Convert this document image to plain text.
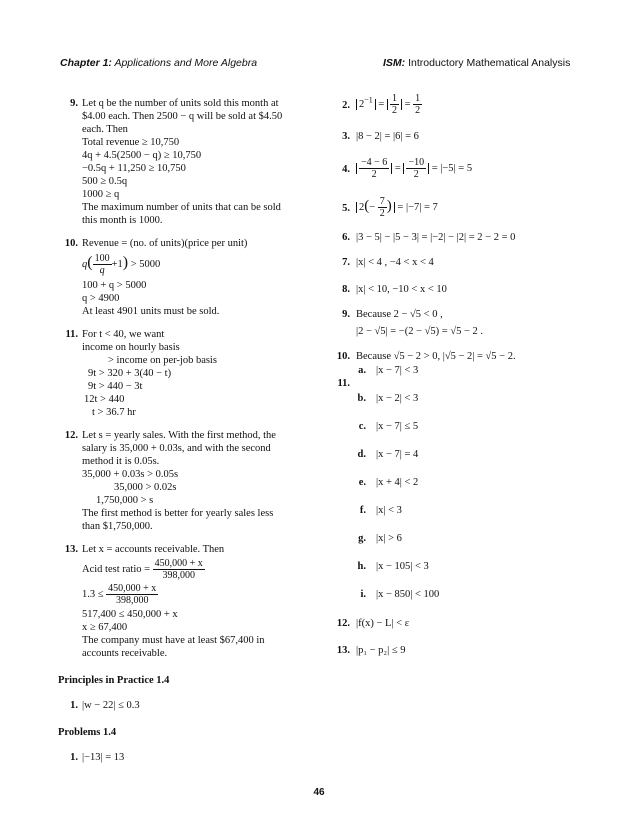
Chapter 1: Applications and More Algebra	ISM: Introductory Mathematical Analysis
9. Let q be the number of units sold this month at
$4.00 each. Then 2500 − q will be sold at $4.50
each. Then
Total revenue ≥ 10,750
4q + 4.5(2500 − q) ≥ 10,750
−0.5q + 11,250 ≥ 10,750
500 ≥ 0.5q
1000 ≥ q
The maximum number of units that can be sold
this month is 1000.
10. Revenue = (no. of units)(price per unit)
$q( \frac{100}{q} +1) > 5000$
100 + q > 5000
q > 4900
At least 4901 units must be sold.
11. For t < 40, we want
income on hourly basis
> income on per-job basis
9t > 320 + 3(40 − t)
9t > 440 − 3t
12t > 440
t > 36.7 hr
12. Let s = yearly sales. With the first method, the
salary is 35,000 + 0.03s, and with the second
method it is 0.05s.
35,000 + 0.03s > 0.05s
35,000 > 0.02s
1,750,000 > s
The first method is better for yearly sales less
than $1,750,000.
13. Let x = accounts receivable. Then
Acid test ratio = $\frac{450,000 + x}{398,000}$
$1.3 \le \frac{450,000 + x}{398,000}$
517,400 ≤ 450,000 + x
x ≥ 67,400
The company must have at least $67,400 in
accounts receivable.
Principles in Practice 1.4
1. |w − 22| ≤ 0.3
Problems 1.4
1. |−13| = 13
2. $2^{-1} = \frac{1}{2} = \frac{1}{2}$
3. |8 − 2| = |6| = 6
4. $\frac{-4 - 6}{2} = \frac{-10}{2} = |-5| = 5$
5. $2(- \frac{7}{2}$ ) = |−7| = 7
6. |3 − 5| − |5 − 3| = |−2| − |2| = 2 − 2 = 0
7. |x| < 4 , −4 < x < 4
8. |x| < 10, −10 < x < 10
9. Because 2 − √5 < 0 ,
|2 − √5| = −(2 − √5) = √5 − 2 .
10. Because √5 − 2 > 0, |√5 − 2| = √5 − 2.
11.
a. |x − 7| < 3
b. |x − 2| < 3
c. |x − 7| ≤ 5
d. |x − 7| = 4
e. |x + 4| < 2
f. |x| < 3
g. |x| > 6
h. |x − 105| < 3
i. |x − 850| < 100
12. |f(x) − L| < ε
13. |p₁ − p₂| ≤ 9
46
